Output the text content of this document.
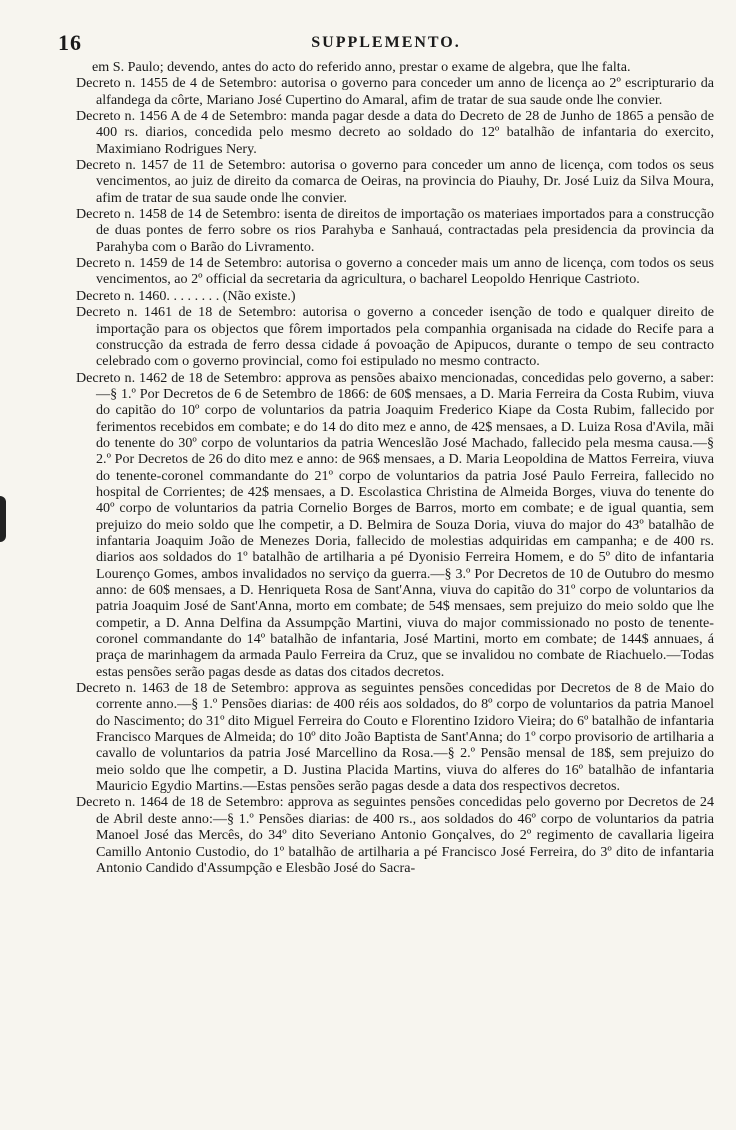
16	SUPPLEMENTO.

em S. Paulo; devendo, antes do acto do referido anno, prestar o exame de algebra, que lhe falta.

Decreto n. 1455 de 4 de Setembro: autorisa o governo para conceder um anno de licença ao 2º escripturario da alfandega da côrte, Mariano José Cupertino do Amaral, afim de tratar de sua saude onde lhe convier.

Decreto n. 1456 A de 4 de Setembro: manda pagar desde a data do Decreto de 28 de Junho de 1865 a pensão de 400 rs. diarios, concedida pelo mesmo decreto ao soldado do 12º batalhão de infantaria do exercito, Maximiano Rodrigues Nery.

Decreto n. 1457 de 11 de Setembro: autorisa o governo para conceder um anno de licença, com todos os seus vencimentos, ao juiz de direito da comarca de Oeiras, na provincia do Piauhy, Dr. José Luiz da Silva Moura, afim de tratar de sua saude onde lhe convier.

Decreto n. 1458 de 14 de Setembro: isenta de direitos de importação os materiaes importados para a construcção de duas pontes de ferro sobre os rios Parahyba e Sanhauá, contractadas pela presidencia da provincia da Parahyba com o Barão do Livramento.

Decreto n. 1459 de 14 de Setembro: autorisa o governo a conceder mais um anno de licença, com todos os seus vencimentos, ao 2º official da secretaria da agricultura, o bacharel Leopoldo Henrique Castrioto.

Decreto n. 1460. . . . . . . . (Não existe.)

Decreto n. 1461 de 18 de Setembro: autorisa o governo a conceder isenção de todo e qualquer direito de importação para os objectos que fôrem importados pela companhia organisada na cidade do Recife para a construcção da estrada de ferro dessa cidade á povoação de Apipucos, durante o tempo de seu contracto celebrado com o governo provincial, como foi estipulado no mesmo contracto.

Decreto n. 1462 de 18 de Setembro: approva as pensões abaixo mencionadas, concedidas pelo governo, a saber:—§ 1.º Por Decretos de 6 de Setembro de 1866: de 60$ mensaes, a D. Maria Ferreira da Costa Rubim, viuva do capitão do 10º corpo de voluntarios da patria Joaquim Frederico Kiape da Costa Rubim, fallecido por ferimentos recebidos em combate; e do 14 do dito mez e anno, de 42$ mensaes, a D. Luiza Rosa d'Avila, mãi do tenente do 30º corpo de voluntarios da patria Wenceslão José Machado, fallecido pela mesma causa.—§ 2.º Por Decretos de 26 do dito mez e anno: de 96$ mensaes, a D. Maria Leopoldina de Mattos Ferreira, viuva do tenente-coronel commandante do 21º corpo de voluntarios da patria José Paulo Ferreira, fallecido no hospital de Corrientes; de 42$ mensaes, a D. Escolastica Christina de Almeida Borges, viuva do tenente do 40º corpo de voluntarios da patria Cornelio Borges de Barros, morto em combate; e de igual quantia, sem prejuizo do meio soldo que lhe competir, a D. Belmira de Souza Doria, viuva do major do 43º batalhão de infantaria Joaquim João de Menezes Doria, fallecido de molestias adquiridas em campanha; e de 400 rs. diarios aos soldados do 1º batalhão de artilharia a pé Dyonisio Ferreira Homem, e do 5º dito de infantaria Lourenço Gomes, ambos invalidados no serviço da guerra.—§ 3.º Por Decretos de 10 de Outubro do mesmo anno: de 60$ mensaes, a D. Henriqueta Rosa de Sant'Anna, viuva do capitão do 31º corpo de voluntarios da patria Joaquim José de Sant'Anna, morto em combate; de 54$ mensaes, sem prejuizo do meio soldo que lhe competir, a D. Anna Delfina da Assumpção Martini, viuva do major commissionado no posto de tenente-coronel commandante do 14º batalhão de infantaria, José Martini, morto em combate; de 144$ annuaes, á praça de marinhagem da armada Paulo Ferreira da Cruz, que se invalidou no combate de Riachuelo.—Todas estas pensões serão pagas desde as datas dos citados decretos.

Decreto n. 1463 de 18 de Setembro: approva as seguintes pensões concedidas por Decretos de 8 de Maio do corrente anno.—§ 1.º Pensões diarias: de 400 réis aos soldados, do 8º corpo de voluntarios da patria Manoel do Nascimento; do 31º dito Miguel Ferreira do Couto e Florentino Izidoro Vieira; do 6º batalhão de infantaria Francisco Marques de Almeida; do 10º dito João Baptista de Sant'Anna; do 1º corpo provisorio de artilharia a cavallo de voluntarios da patria José Marcellino da Rosa.—§ 2.º Pensão mensal de 18$, sem prejuizo do meio soldo que lhe competir, a D. Justina Placida Martins, viuva do alferes do 16º batalhão de infantaria Mauricio Egydio Martins.—Estas pensões serão pagas desde a data dos respectivos decretos.

Decreto n. 1464 de 18 de Setembro: approva as seguintes pensões concedidas pelo governo por Decretos de 24 de Abril deste anno:—§ 1.º Pensões diarias: de 400 rs., aos soldados do 46º corpo de voluntarios da patria Manoel José das Mercês, do 34º dito Severiano Antonio Gonçalves, do 2º regimento de cavallaria ligeira Camillo Antonio Custodio, do 1º batalhão de artilharia a pé Francisco José Ferreira, do 3º dito de infantaria Antonio Candido d'Assumpção e Elesbão José do Sacra-
